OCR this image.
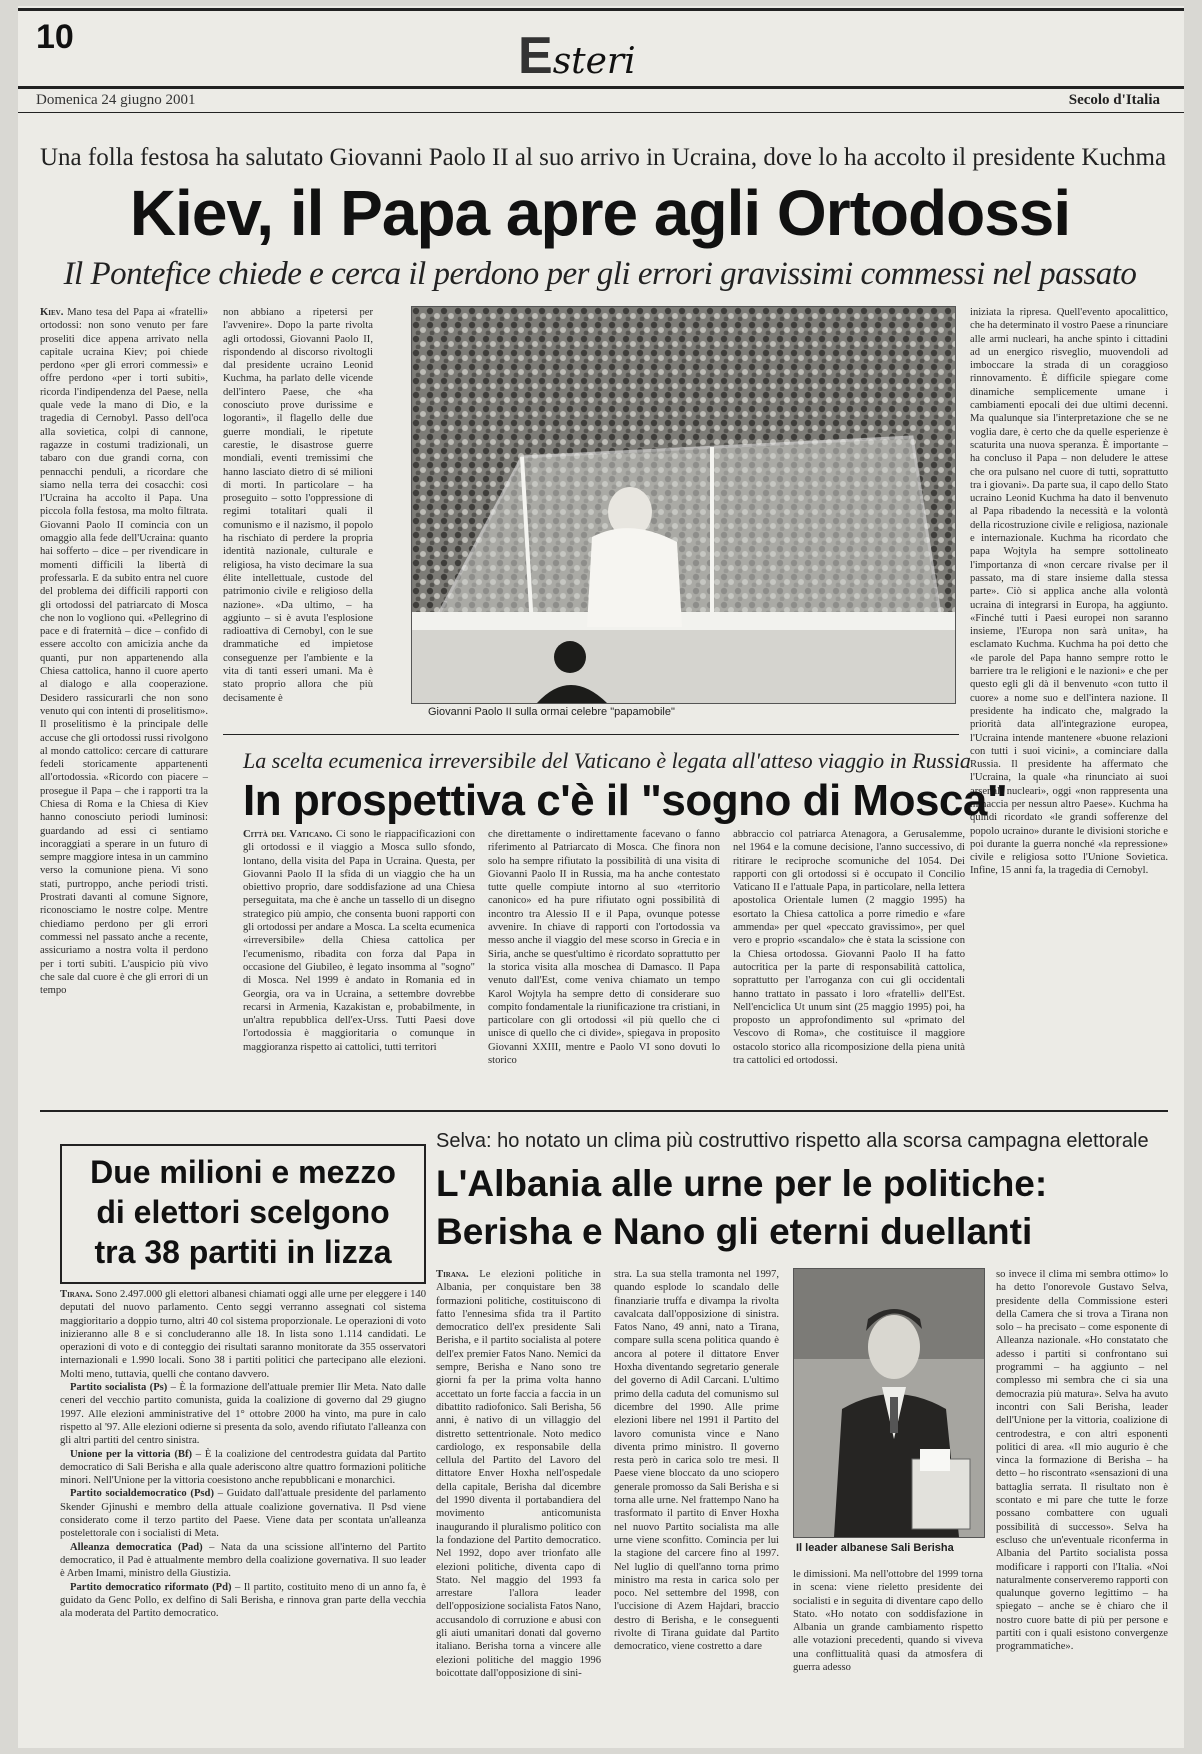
10	Esteri
Domenica 24 giugno 2001	Secolo d'Italia
Una folla festosa ha salutato Giovanni Paolo II al suo arrivo in Ucraina, dove lo ha accolto il presidente Kuchma
Kiev, il Papa apre agli Ortodossi
Il Pontefice chiede e cerca il perdono per gli errori gravissimi commessi nel passato

Kiev. Mano tesa del Papa ai «fratelli» ortodossi: non sono venuto per fare proseliti dice appena arrivato nella capitale ucraina Kiev; poi chiede perdono «per gli errori commessi» e offre perdono «per i torti subiti», ricorda l'indipendenza del Paese, nella quale vede la mano di Dio, e la tragedia di Cernobyl. Passo dell'oca alla sovietica, colpi di cannone, ragazze in costumi tradizionali, un tabaro con due grandi corna, con pennacchi penduli, a ricordare che siamo nella terra dei cosacchi: così l'Ucraina ha accolto il Papa. Una piccola folla festosa, ma molto filtrata. Giovanni Paolo II comincia con un omaggio alla fede dell'Ucraina: quanto hai sofferto – dice – per rivendicare in momenti difficili la libertà di professarla. E da subito entra nel cuore del problema dei difficili rapporti con gli ortodossi del patriarcato di Mosca che non lo vogliono qui. «Pellegrino di pace e di fraternità – dice – confido di essere accolto con amicizia anche da quanti, pur non appartenendo alla Chiesa cattolica, hanno il cuore aperto al dialogo e alla cooperazione. Desidero rassicurarli che non sono venuto qui con intenti di proselitismo». Il proselitismo è la principale delle accuse che gli ortodossi russi rivolgono al mondo cattolico: cercare di catturare fedeli storicamente appartenenti all'ortodossia. «Ricordo con piacere – prosegue il Papa – che i rapporti tra la Chiesa di Roma e la Chiesa di Kiev hanno conosciuto periodi luminosi: guardando ad essi ci sentiamo incoraggiati a sperare in un futuro di sempre maggiore intesa in un cammino verso la comunione piena. Vi sono stati, purtroppo, anche periodi tristi. Prostrati davanti al comune Signore, riconosciamo le nostre colpe. Mentre chiediamo perdono per gli errori commessi nel passato anche a recente, assicuriamo a nostra volta il perdono per i torti subiti. L'auspicio più vivo che sale dal cuore è che gli errori di un tempo

non abbiano a ripetersi per l'avvenire». Dopo la parte rivolta agli ortodossi, Giovanni Paolo II, rispondendo al discorso rivoltogli dal presidente ucraino Leonid Kuchma, ha parlato delle vicende dell'intero Paese, che «ha conosciuto prove durissime e logoranti», il flagello delle due guerre mondiali, le ripetute carestie, le disastrose guerre mondiali, eventi tremissimi che hanno lasciato dietro di sé milioni di morti. In particolare – ha proseguito – sotto l'oppressione di regimi totalitari quali il comunismo e il nazismo, il popolo ha rischiato di perdere la propria identità nazionale, culturale e religiosa, ha visto decimare la sua élite intellettuale, custode del patrimonio civile e religioso della nazione». «Da ultimo, – ha aggiunto – si è avuta l'esplosione radioattiva di Cernobyl, con le sue drammatiche ed impietose conseguenze per l'ambiente e la vita di tanti esseri umani. Ma è stato proprio allora che più decisamente è

Giovanni Paolo II sulla ormai celebre "papamobile"

iniziata la ripresa. Quell'evento apocalittico, che ha determinato il vostro Paese a rinunciare alle armi nucleari, ha anche spinto i cittadini ad un energico risveglio, muovendoli ad imboccare la strada di un coraggioso rinnovamento. È difficile spiegare come dinamiche semplicemente umane i cambiamenti epocali dei due ultimi decenni. Ma qualunque sia l'interpretazione che se ne voglia dare, è certo che da quelle esperienze è scaturita una nuova speranza. È importante – ha concluso il Papa – non deludere le attese che ora pulsano nel cuore di tutti, soprattutto tra i giovani». Da parte sua, il capo dello Stato ucraino Leonid Kuchma ha dato il benvenuto al Papa ribadendo la necessità e la volontà della ricostruzione civile e religiosa, nazionale e internazionale. Kuchma ha ricordato che papa Wojtyla ha sempre sottolineato l'importanza di «non cercare rivalse per il passato, ma di stare insieme dalla stessa parte». Ciò si applica anche alla volontà ucraina di integrarsi in Europa, ha aggiunto. «Finché tutti i Paesi europei non saranno insieme, l'Europa non sarà unita», ha esclamato Kuchma. Kuchma ha poi detto che «le parole del Papa hanno sempre rotto le barriere tra le religioni e le nazioni» e che per questo egli gli dà il benvenuto «con tutto il cuore» a nome suo e dell'intera nazione. Il presidente ha indicato che, malgrado la priorità data all'integrazione europea, l'Ucraina intende mantenere «buone relazioni con tutti i suoi vicini», a cominciare dalla Russia. Il presidente ha affermato che l'Ucraina, la quale «ha rinunciato ai suoi arsenali nucleari», oggi «non rappresenta una minaccia per nessun altro Paese». Kuchma ha quindi ricordato «le grandi sofferenze del popolo ucraino» durante le divisioni storiche e poi durante la guerra nonché «la repressione» civile e religiosa sotto l'Unione Sovietica. Infine, 15 anni fa, la tragedia di Cernobyl.

La scelta ecumenica irreversibile del Vaticano è legata all'atteso viaggio in Russia
In prospettiva c'è il "sogno di Mosca"

Città del Vaticano. Ci sono le riappacificazioni con gli ortodossi e il viaggio a Mosca sullo sfondo, lontano, della visita del Papa in Ucraina. Questa, per Giovanni Paolo II la sfida di un viaggio che ha un obiettivo proprio, dare soddisfazione ad una Chiesa perseguitata, ma che è anche un tassello di un disegno strategico più ampio, che consenta buoni rapporti con gli ortodossi per andare a Mosca. La scelta ecumenica «irreversibile» della Chiesa cattolica per l'ecumenismo, ribadita con forza dal Papa in occasione del Giubileo, è legato insomma al "sogno" di Mosca. Nel 1999 è andato in Romania ed in Georgia, ora va in Ucraina, a settembre dovrebbe recarsi in Armenia, Kazakistan e, probabilmente, in un'altra repubblica dell'ex-Urss. Tutti Paesi dove l'ortodossia è maggioritaria o comunque in maggioranza rispetto ai cattolici, tutti territori

che direttamente o indirettamente facevano o fanno riferimento al Patriarcato di Mosca. Che finora non solo ha sempre rifiutato la possibilità di una visita di Giovanni Paolo II in Russia, ma ha anche contestato tutte quelle compiute intorno al suo «territorio canonico» ed ha pure rifiutato ogni possibilità di incontro tra Alessio II e il Papa, ovunque potesse avvenire. In chiave di rapporti con l'ortodossia va messo anche il viaggio del mese scorso in Grecia e in Siria, anche se quest'ultimo è ricordato soprattutto per la storica visita alla moschea di Damasco. Il Papa venuto dall'Est, come veniva chiamato un tempo Karol Wojtyla ha sempre detto di considerare suo compito fondamentale la riunificazione tra cristiani, in particolare con gli ortodossi «il più quello che ci unisce di quello che ci divide», spiegava in proposito Giovanni XXIII, mentre e Paolo VI sono dovuti lo storico

abbraccio col patriarca Atenagora, a Gerusalemme, nel 1964 e la comune decisione, l'anno successivo, di ritirare le reciproche scomuniche del 1054. Dei rapporti con gli ortodossi si è occupato il Concilio Vaticano II e l'attuale Papa, in particolare, nella lettera apostolica Orientale lumen (2 maggio 1995) ha esortato la Chiesa cattolica a porre rimedio e «fare ammenda» per quel «peccato gravissimo», per quel vero e proprio «scandalo» che è stata la scissione con la Chiesa ortodossa. Giovanni Paolo II ha fatto autocritica per la parte di responsabilità cattolica, soprattutto per l'arroganza con cui gli occidentali hanno trattato in passato i loro «fratelli» dell'Est. Nell'enciclica Ut unum sint (25 maggio 1995) poi, ha proposto un approfondimento sul «primato del Vescovo di Roma», che costituisce il maggiore ostacolo storico alla ricomposizione della piena unità tra cattolici ed ortodossi.

Due milioni e mezzo
di elettori scelgono
tra 38 partiti in lizza

Tirana. Sono 2.497.000 gli elettori albanesi chiamati oggi alle urne per eleggere i 140 deputati del nuovo parlamento. Cento seggi verranno assegnati col sistema maggioritario a doppio turno, altri 40 col sistema proporzionale. Le operazioni di voto inizieranno alle 8 e si concluderanno alle 18. In lista sono 1.114 candidati. Le operazioni di voto e di conteggio dei risultati saranno monitorate da 355 osservatori internazionali e 1.990 locali. Sono 38 i partiti politici che partecipano alle elezioni. Molti meno, tuttavia, quelli che contano davvero.

Partito socialista (Ps) – È la formazione dell'attuale premier Ilir Meta. Nato dalle ceneri del vecchio partito comunista, guida la coalizione di governo dal 29 giugno 1997. Alle elezioni amministrative del 1° ottobre 2000 ha vinto, ma pure in calo rispetto al '97. Alle elezioni odierne si presenta da solo, avendo rifiutato l'alleanza con gli altri partiti del centro sinistra.

Unione per la vittoria (Bf) – È la coalizione del centrodestra guidata dal Partito democratico di Sali Berisha e alla quale aderiscono altre quattro formazioni politiche minori. Nell'Unione per la vittoria coesistono anche repubblicani e monarchici.

Partito socialdemocratico (Psd) – Guidato dall'attuale presidente del parlamento Skender Gjinushi e membro della attuale coalizione governativa. Il Psd viene considerato come il terzo partito del Paese. Viene data per scontata un'alleanza postelettorale con i socialisti di Meta.

Alleanza democratica (Pad) – Nata da una scissione all'interno del Partito democratico, il Pad è attualmente membro della coalizione governativa. Il suo leader è Arben Imami, ministro della Giustizia.

Partito democratico riformato (Pd) – Il partito, costituito meno di un anno fa, è guidato da Genc Pollo, ex delfino di Sali Berisha, e rinnova gran parte della vecchia ala moderata del Partito democratico.

Selva: ho notato un clima più costruttivo rispetto alla scorsa campagna elettorale
L'Albania alle urne per le politiche:
Berisha e Nano gli eterni duellanti

Tirana. Le elezioni politiche in Albania, per conquistare ben 38 formazioni politiche, costituiscono di fatto l'ennesima sfida tra il Partito democratico dell'ex presidente Sali Berisha, e il partito socialista al potere dell'ex premier Fatos Nano. Nemici da sempre, Berisha e Nano sono tre giorni fa per la prima volta hanno accettato un forte faccia a faccia in un dibattito radiofonico. Sali Berisha, 56 anni, è nativo di un villaggio del distretto settentrionale. Noto medico cardiologo, ex responsabile della cellula del Partito del Lavoro del dittatore Enver Hoxha nell'ospedale della capitale, Berisha dal dicembre del 1990 diventa il portabandiera del movimento anticomunista inaugurando il pluralismo politico con la fondazione del Partito democratico. Nel 1992, dopo aver trionfato alle elezioni politiche, diventa capo di Stato. Nel maggio del 1993 fa arrestare l'allora leader dell'opposizione socialista Fatos Nano, accusandolo di corruzione e abusi con gli aiuti umanitari donati dal governo italiano. Berisha torna a vincere alle elezioni politiche del maggio 1996 boicottate dall'opposizione di sini-

stra. La sua stella tramonta nel 1997, quando esplode lo scandalo delle finanziarie truffa e divampa la rivolta cavalcata dall'opposizione di sinistra. Fatos Nano, 49 anni, nato a Tirana, compare sulla scena politica quando è ancora al potere il dittatore Enver Hoxha diventando segretario generale del governo di Adil Carcani. L'ultimo primo della caduta del comunismo sul dicembre del 1990. Alle prime elezioni libere nel 1991 il Partito del lavoro comunista vince e Nano diventa primo ministro. Il governo resta però in carica solo tre mesi. Il Paese viene bloccato da uno sciopero generale promosso da Sali Berisha e si torna alle urne. Nel frattempo Nano ha trasformato il partito di Enver Hoxha nel nuovo Partito socialista ma alle urne viene sconfitto. Comincia per lui la stagione del carcere fino al 1997. Nel luglio di quell'anno torna primo ministro ma resta in carica solo per poco. Nel settembre del 1998, con l'uccisione di Azem Hajdari, braccio destro di Berisha, e le conseguenti rivolte di Tirana guidate dal Partito democratico, viene costretto a dare

Il leader albanese Sali Berisha

le dimissioni. Ma nell'ottobre del 1999 torna in scena: viene rieletto presidente dei socialisti e in seguita di diventare capo dello Stato. «Ho notato con soddisfazione in Albania un grande cambiamento rispetto alle votazioni precedenti, quando si viveva una conflittualità quasi da atmosfera di guerra adesso

so invece il clima mi sembra ottimo» lo ha detto l'onorevole Gustavo Selva, presidente della Commissione esteri della Camera che si trova a Tirana non solo – ha precisato – come esponente di Alleanza nazionale. «Ho constatato che adesso i partiti si confrontano sui programmi – ha aggiunto – nel complesso mi sembra che ci sia una democrazia più matura». Selva ha avuto incontri con Sali Berisha, leader dell'Unione per la vittoria, coalizione di centrodestra, e con altri esponenti politici di area. «Il mio augurio è che vinca la formazione di Berisha – ha detto – ho riscontrato «sensazioni di una battaglia serrata. Il risultato non è scontato e mi pare che tutte le forze possano combattere con uguali possibilità di successo». Selva ha escluso che un'eventuale riconferma in Albania del Partito socialista possa modificare i rapporti con l'Italia. «Noi naturalmente conserveremo rapporti con qualunque governo legittimo – ha spiegato – anche se è chiaro che il nostro cuore batte di più per persone e partiti con i quali esistono convergenze programmatiche».
